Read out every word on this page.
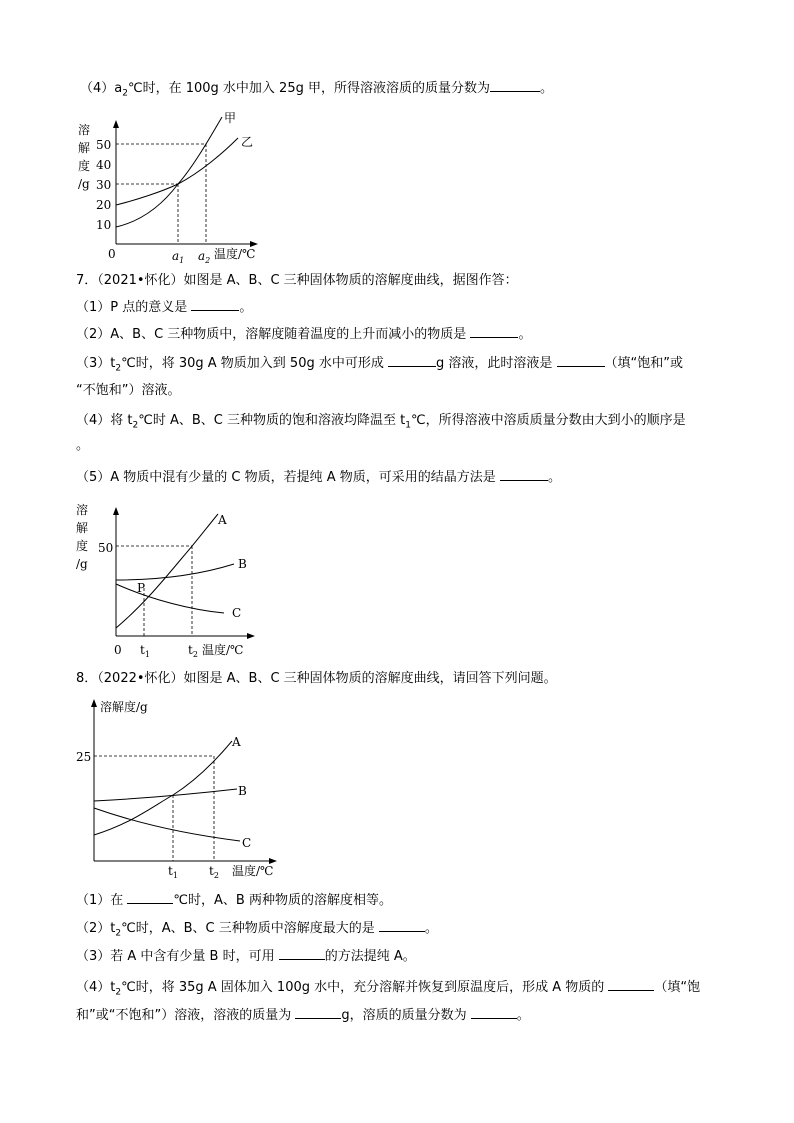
$(4)a_2℃$时，在 100g 水中加入 25g 甲，所得溶液溶质的质量分数为	。
溶
解
度
/g
50
40
30
20
10
0
甲
乙
$a_1$ $a_2$ 温度/℃
7．（2021•怀化）如图是 A、B、C 三种固体物质的溶解度曲线，据图作答：
（1）P 点的意义是	。
（2）A、B、C 三种物质中，溶解度随着温度的上升而减小的物质是	。
$(3)t_2℃$时，将 30g A 物质加入到 50g 水中可形成	g 溶液，此时溶液是	（填“饱和”或
“不饱和”）溶液。
（4）将 $t_2℃$时 A、B、C 三种物质的饱和溶液均降温至 $t_1℃$，所得溶液中溶质质量分数由大到小的顺序是
。
（5）A 物质中混有少量的 C 物质，若提纯 A 物质，可采用的结晶方法是	。
溶
解
度
/g
50
A
B
C
P
0 $t_1$	$t_2$ 温度/℃
8．（2022•怀化）如图是 A、B、C 三种固体物质的溶解度曲线，请回答下列问题。
溶解度/g
25
A
B
C
$t_1$	$t_2$ 温度/℃
（1）在	℃时，A、B 两种物质的溶解度相等。
$(2)t_2℃$时，A、B、C 三种物质中溶解度最大的是	。
（3）若 A 中含有少量 B 时，可用	的方法提纯 A。
$(4)t_2℃$时，将 35g A 固体加入 100g 水中，充分溶解并恢复到原温度后，形成 A 物质的	（填“饱
和”或“不饱和”）溶液，溶液的质量为	g，溶质的质量分数为	。
